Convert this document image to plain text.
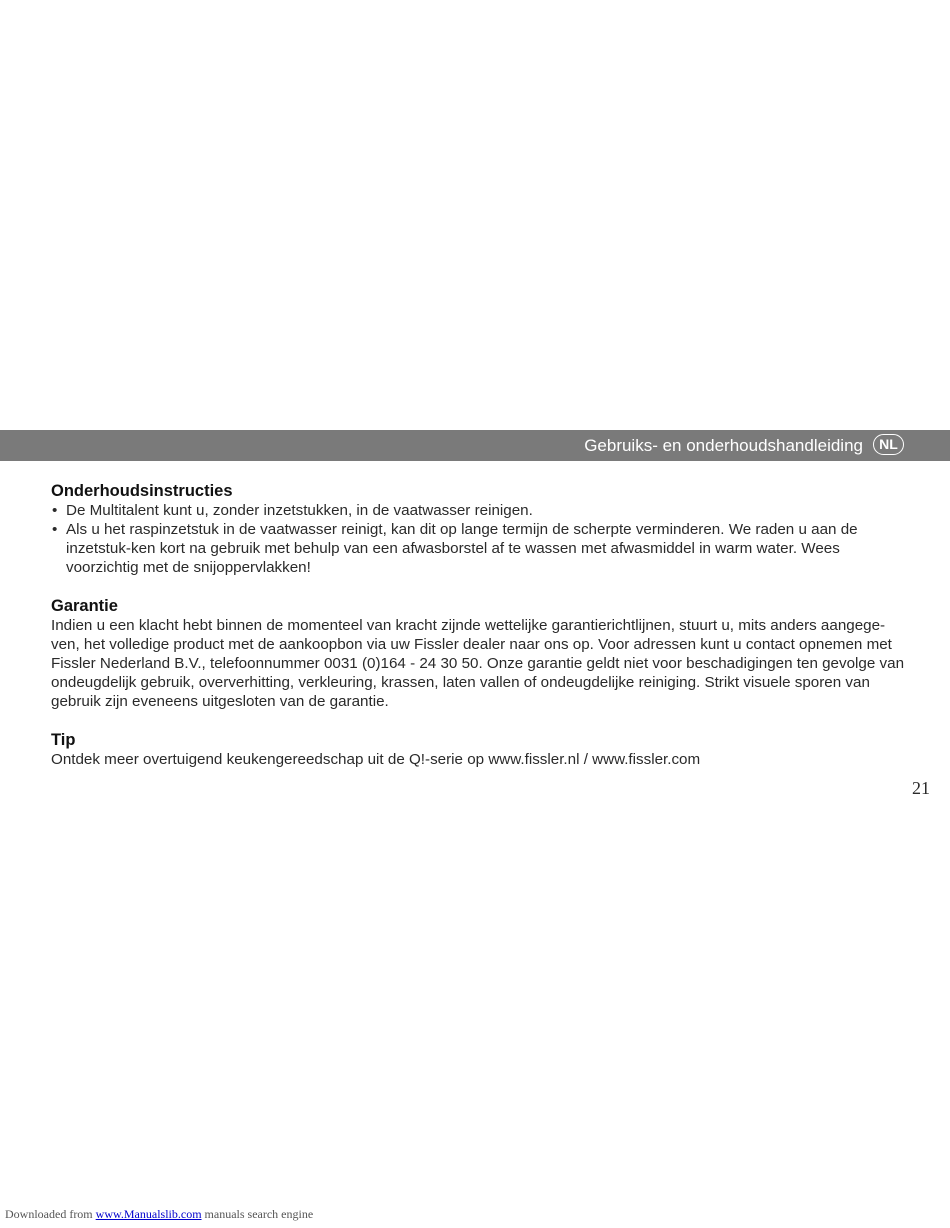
Gebruiks- en onderhoudshandleiding	NL
Onderhoudsinstructies
• De Multitalent kunt u, zonder inzetstukken, in de vaatwasser reinigen.
• Als u het raspinzetstuk in de vaatwasser reinigt, kan dit op lange termijn de scherpte verminderen. We raden u aan de inzetstuk-ken kort na gebruik met behulp van een afwasborstel af te wassen met afwasmiddel in warm water. Wees voorzichtig met de snijoppervlakken!
Garantie

Indien u een klacht hebt binnen de momenteel van kracht zijnde wettelijke garantierichtlijnen, stuurt u, mits anders aangege-ven, het volledige product met de aankoopbon via uw Fissler dealer naar ons op. Voor adressen kunt u contact opnemen met Fissler Nederland B.V., telefoonnummer 0031 (0)164 - 24 30 50. Onze garantie geldt niet voor beschadigingen ten gevolge van ondeugdelijk gebruik, oververhitting, verkleuring, krassen, laten vallen of ondeugdelijke reiniging. Strikt visuele sporen van gebruik zijn eveneens uitgesloten van de garantie.

Tip

Ontdek meer overtuigend keukengereedschap uit de Q!-serie op www.fissler.nl / www.fissler.com

21
Downloaded from www.Manualslib.com manuals search engine
